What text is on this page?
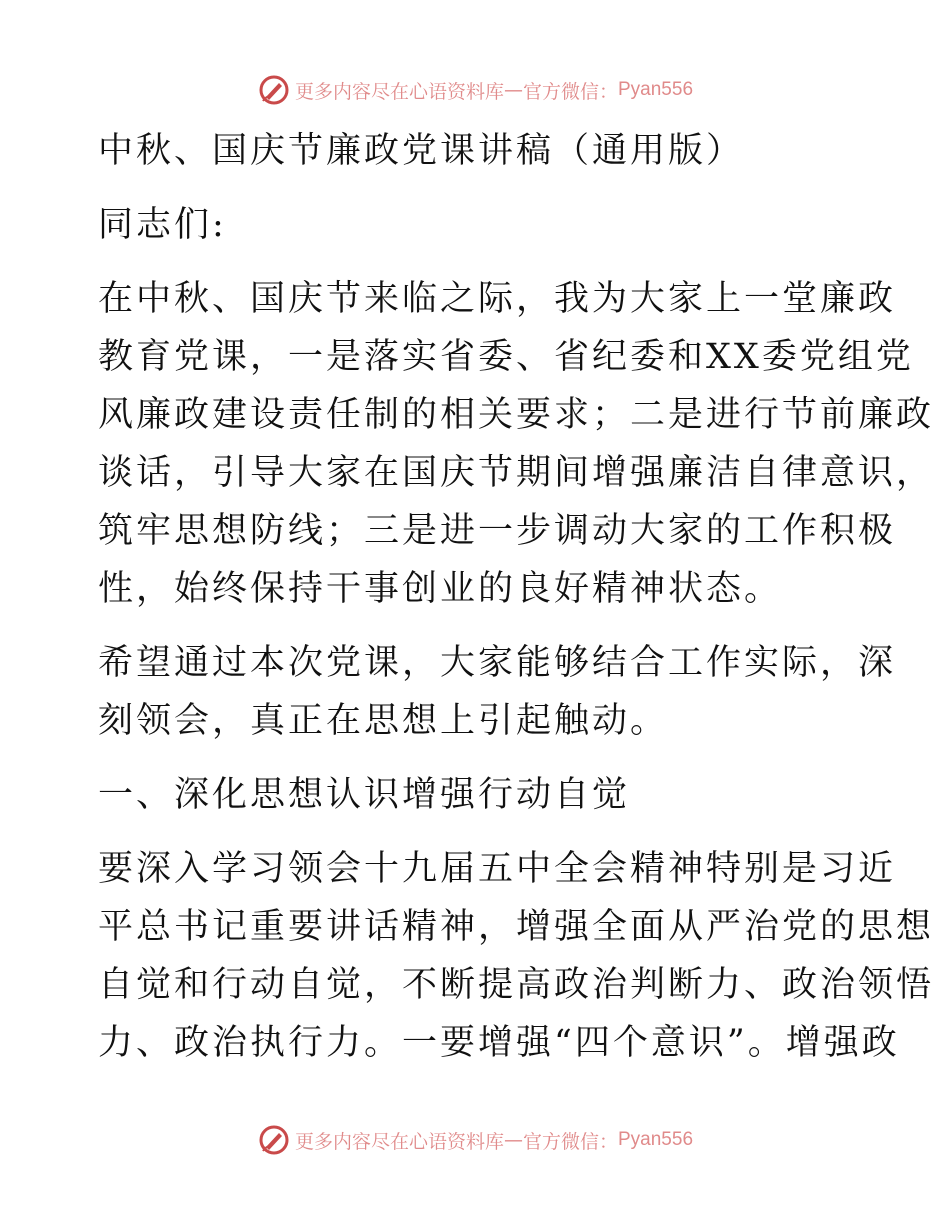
更多内容尽在心语资料库 — 官方微信： Pyan556
中秋、国庆节廉政党课讲稿（通用版）
同志们:
在中秋、国庆节来临之际，我为大家上一堂廉政
教育党课，一是落实省委、省纪委和XX委党组党
风廉政建设责任制的相关要求；二是进行节前廉政
谈话，引导大家在国庆节期间增强廉洁自律意识，
筑牢思想防线；三是进一步调动大家的工作积极
性，始终保持干事创业的良好精神状态。
希望通过本次党课，大家能够结合工作实际，深
刻领会，真正在思想上引起触动。
一、深化思想认识增强行动自觉
要深入学习领会十九届五中全会精神特别是习近
平总书记重要讲话精神，增强全面从严治党的思想
自觉和行动自觉，不断提高政治判断力、政治领悟
力、政治执行力。一要增强“四个意识”。增强政
更多内容尽在心语资料库 — 官方微信： Pyan556
